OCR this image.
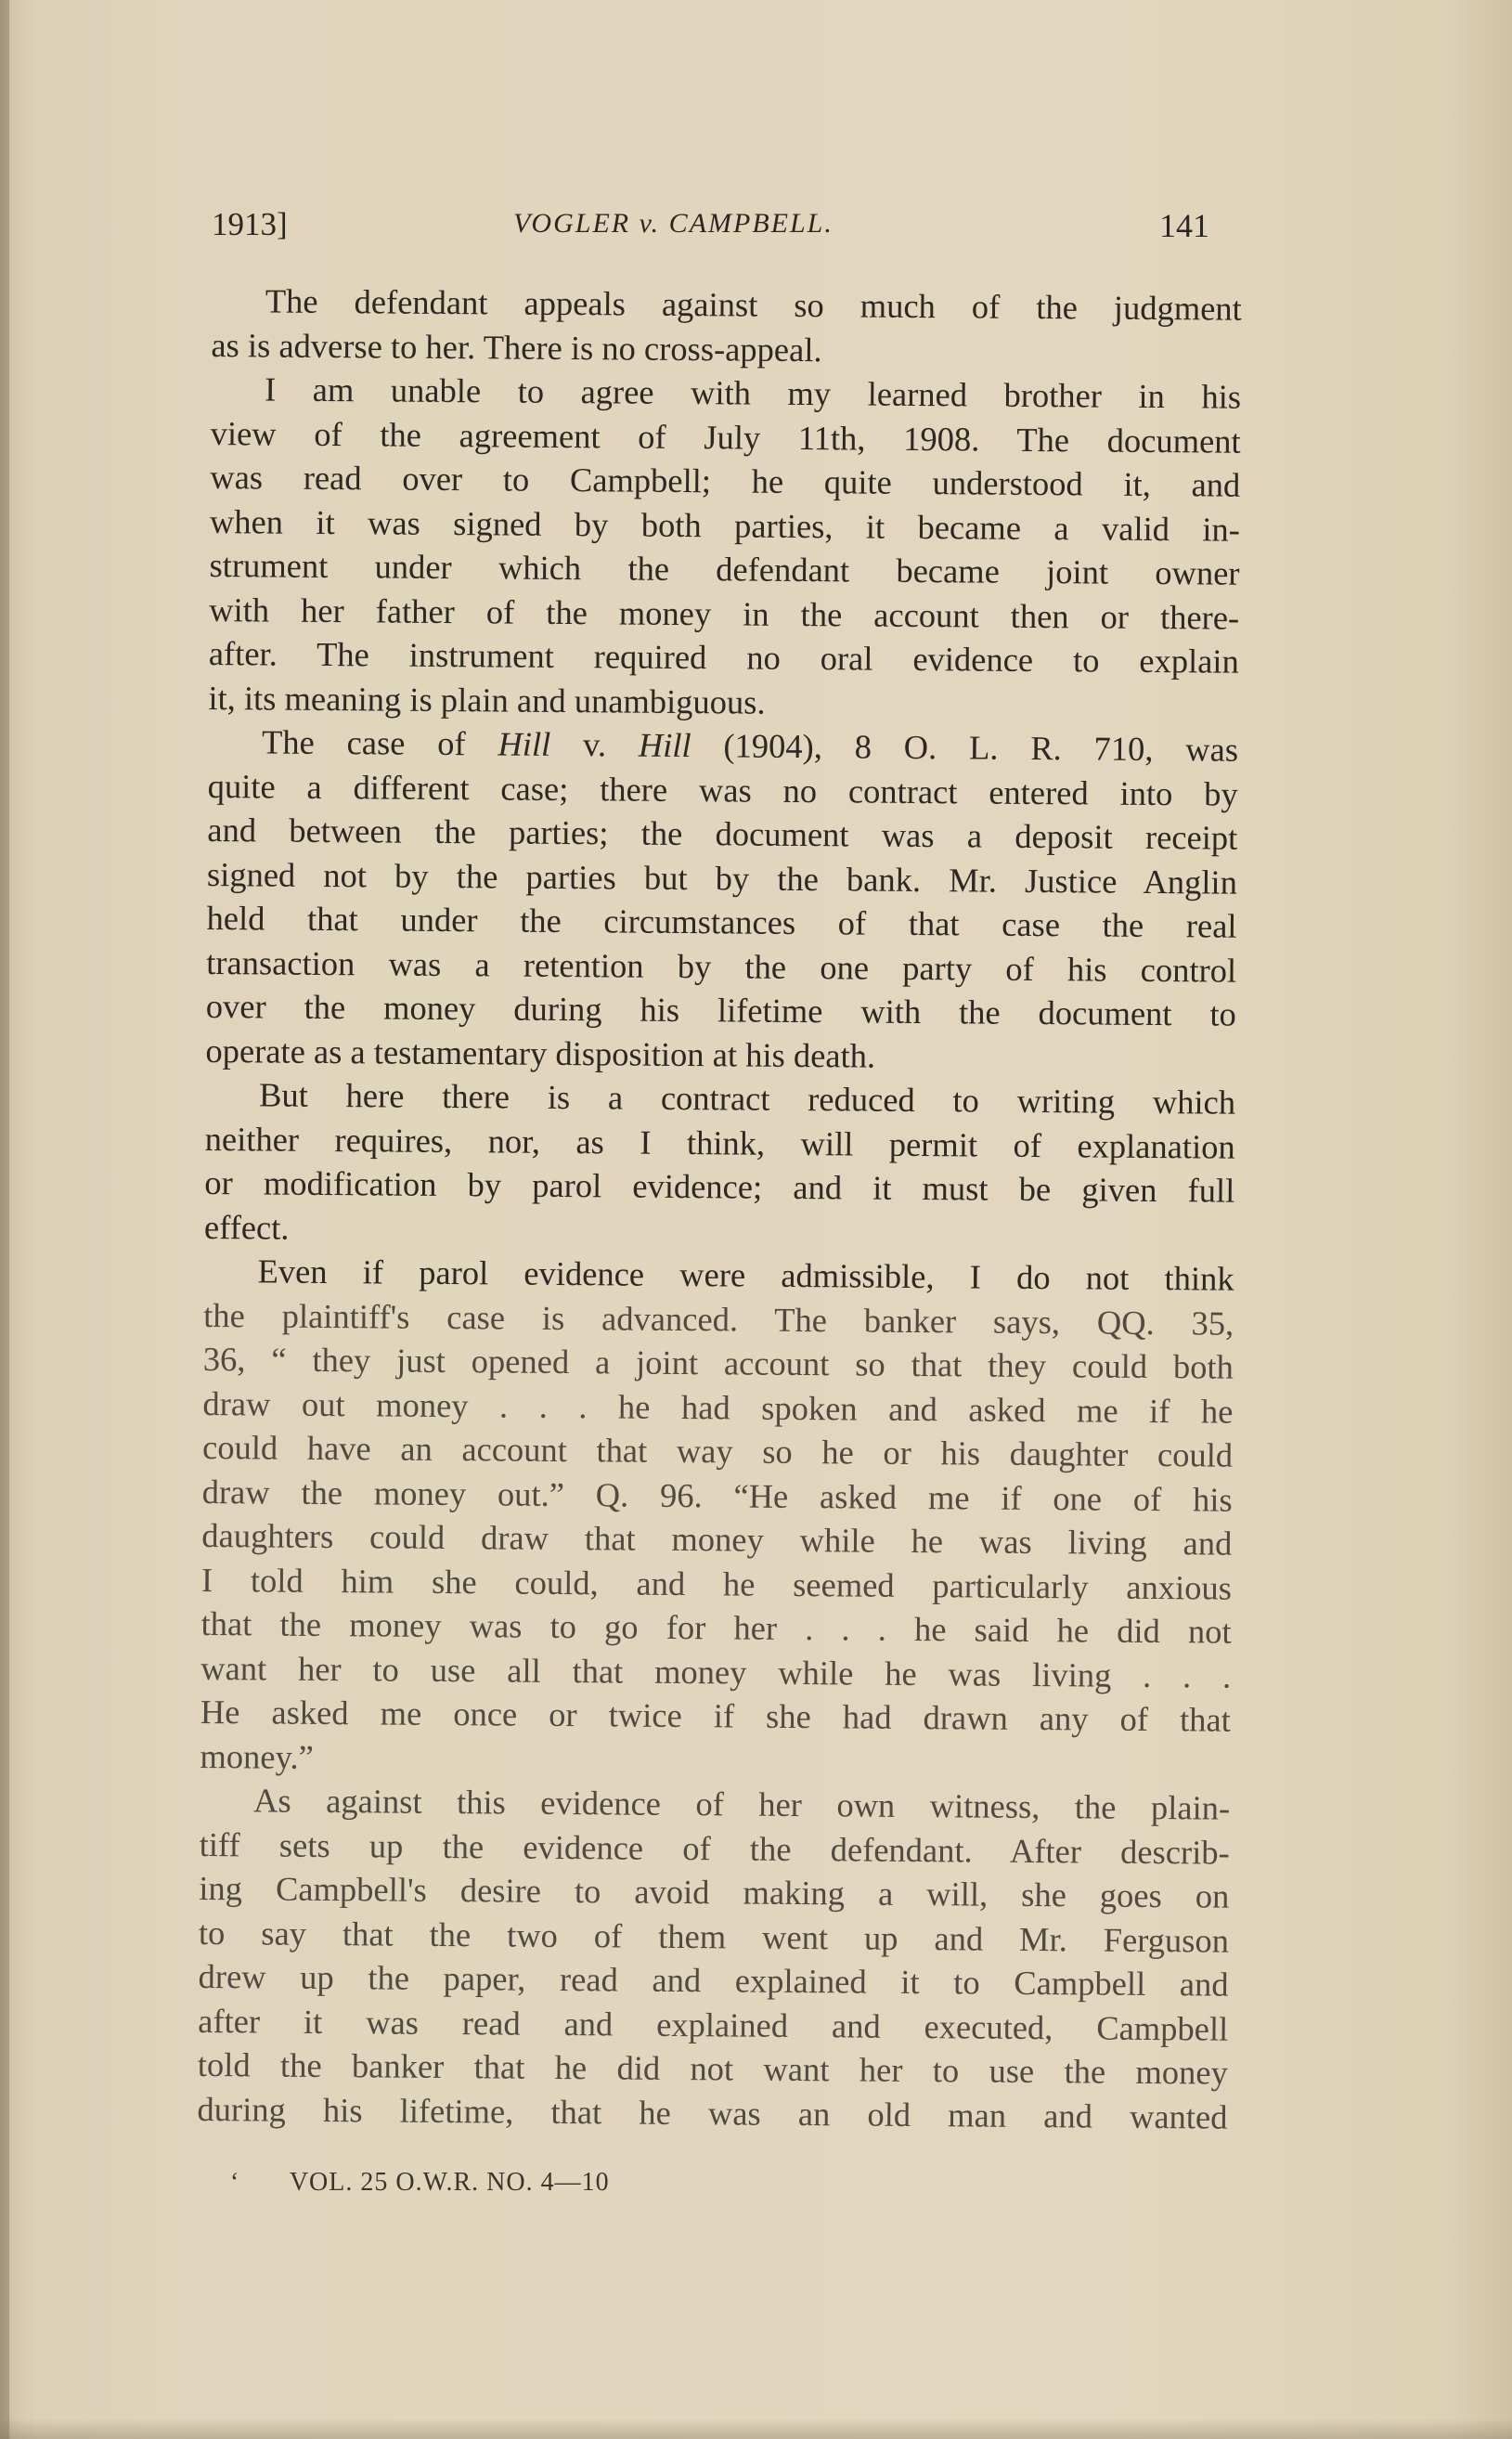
1913]	VOGLER v. CAMPBELL.	141
The defendant appeals against so much of the judgment
as is adverse to her. There is no cross-appeal.
I am unable to agree with my learned brother in his
view of the agreement of July 11th, 1908. The document
was read over to Campbell; he quite understood it, and
when it was signed by both parties, it became a valid in-
strument under which the defendant became joint owner
with her father of the money in the account then or there-
after. The instrument required no oral evidence to explain
it, its meaning is plain and unambiguous.
The case of Hill v. Hill (1904), 8 O. L. R. 710, was
quite a different case; there was no contract entered into by
and between the parties; the document was a deposit receipt
signed not by the parties but by the bank. Mr. Justice Anglin
held that under the circumstances of that case the real
transaction was a retention by the one party of his control
over the money during his lifetime with the document to
operate as a testamentary disposition at his death.
But here there is a contract reduced to writing which
neither requires, nor, as I think, will permit of explanation
or modification by parol evidence; and it must be given full
effect.
Even if parol evidence were admissible, I do not think
the plaintiff's case is advanced. The banker says, QQ. 35,
36, “ they just opened a joint account so that they could both
draw out money . . . he had spoken and asked me if he
could have an account that way so he or his daughter could
draw the money out.” Q. 96. “He asked me if one of his
daughters could draw that money while he was living and
I told him she could, and he seemed particularly anxious
that the money was to go for her . . . he said he did not
want her to use all that money while he was living . . .
He asked me once or twice if she had drawn any of that
money.”
As against this evidence of her own witness, the plain-
tiff sets up the evidence of the defendant. After describ-
ing Campbell's desire to avoid making a will, she goes on
to say that the two of them went up and Mr. Ferguson
drew up the paper, read and explained it to Campbell and
after it was read and explained and executed, Campbell
told the banker that he did not want her to use the money
during his lifetime, that he was an old man and wanted
‘ VOL. 25 O.W.R. NO. 4—10
